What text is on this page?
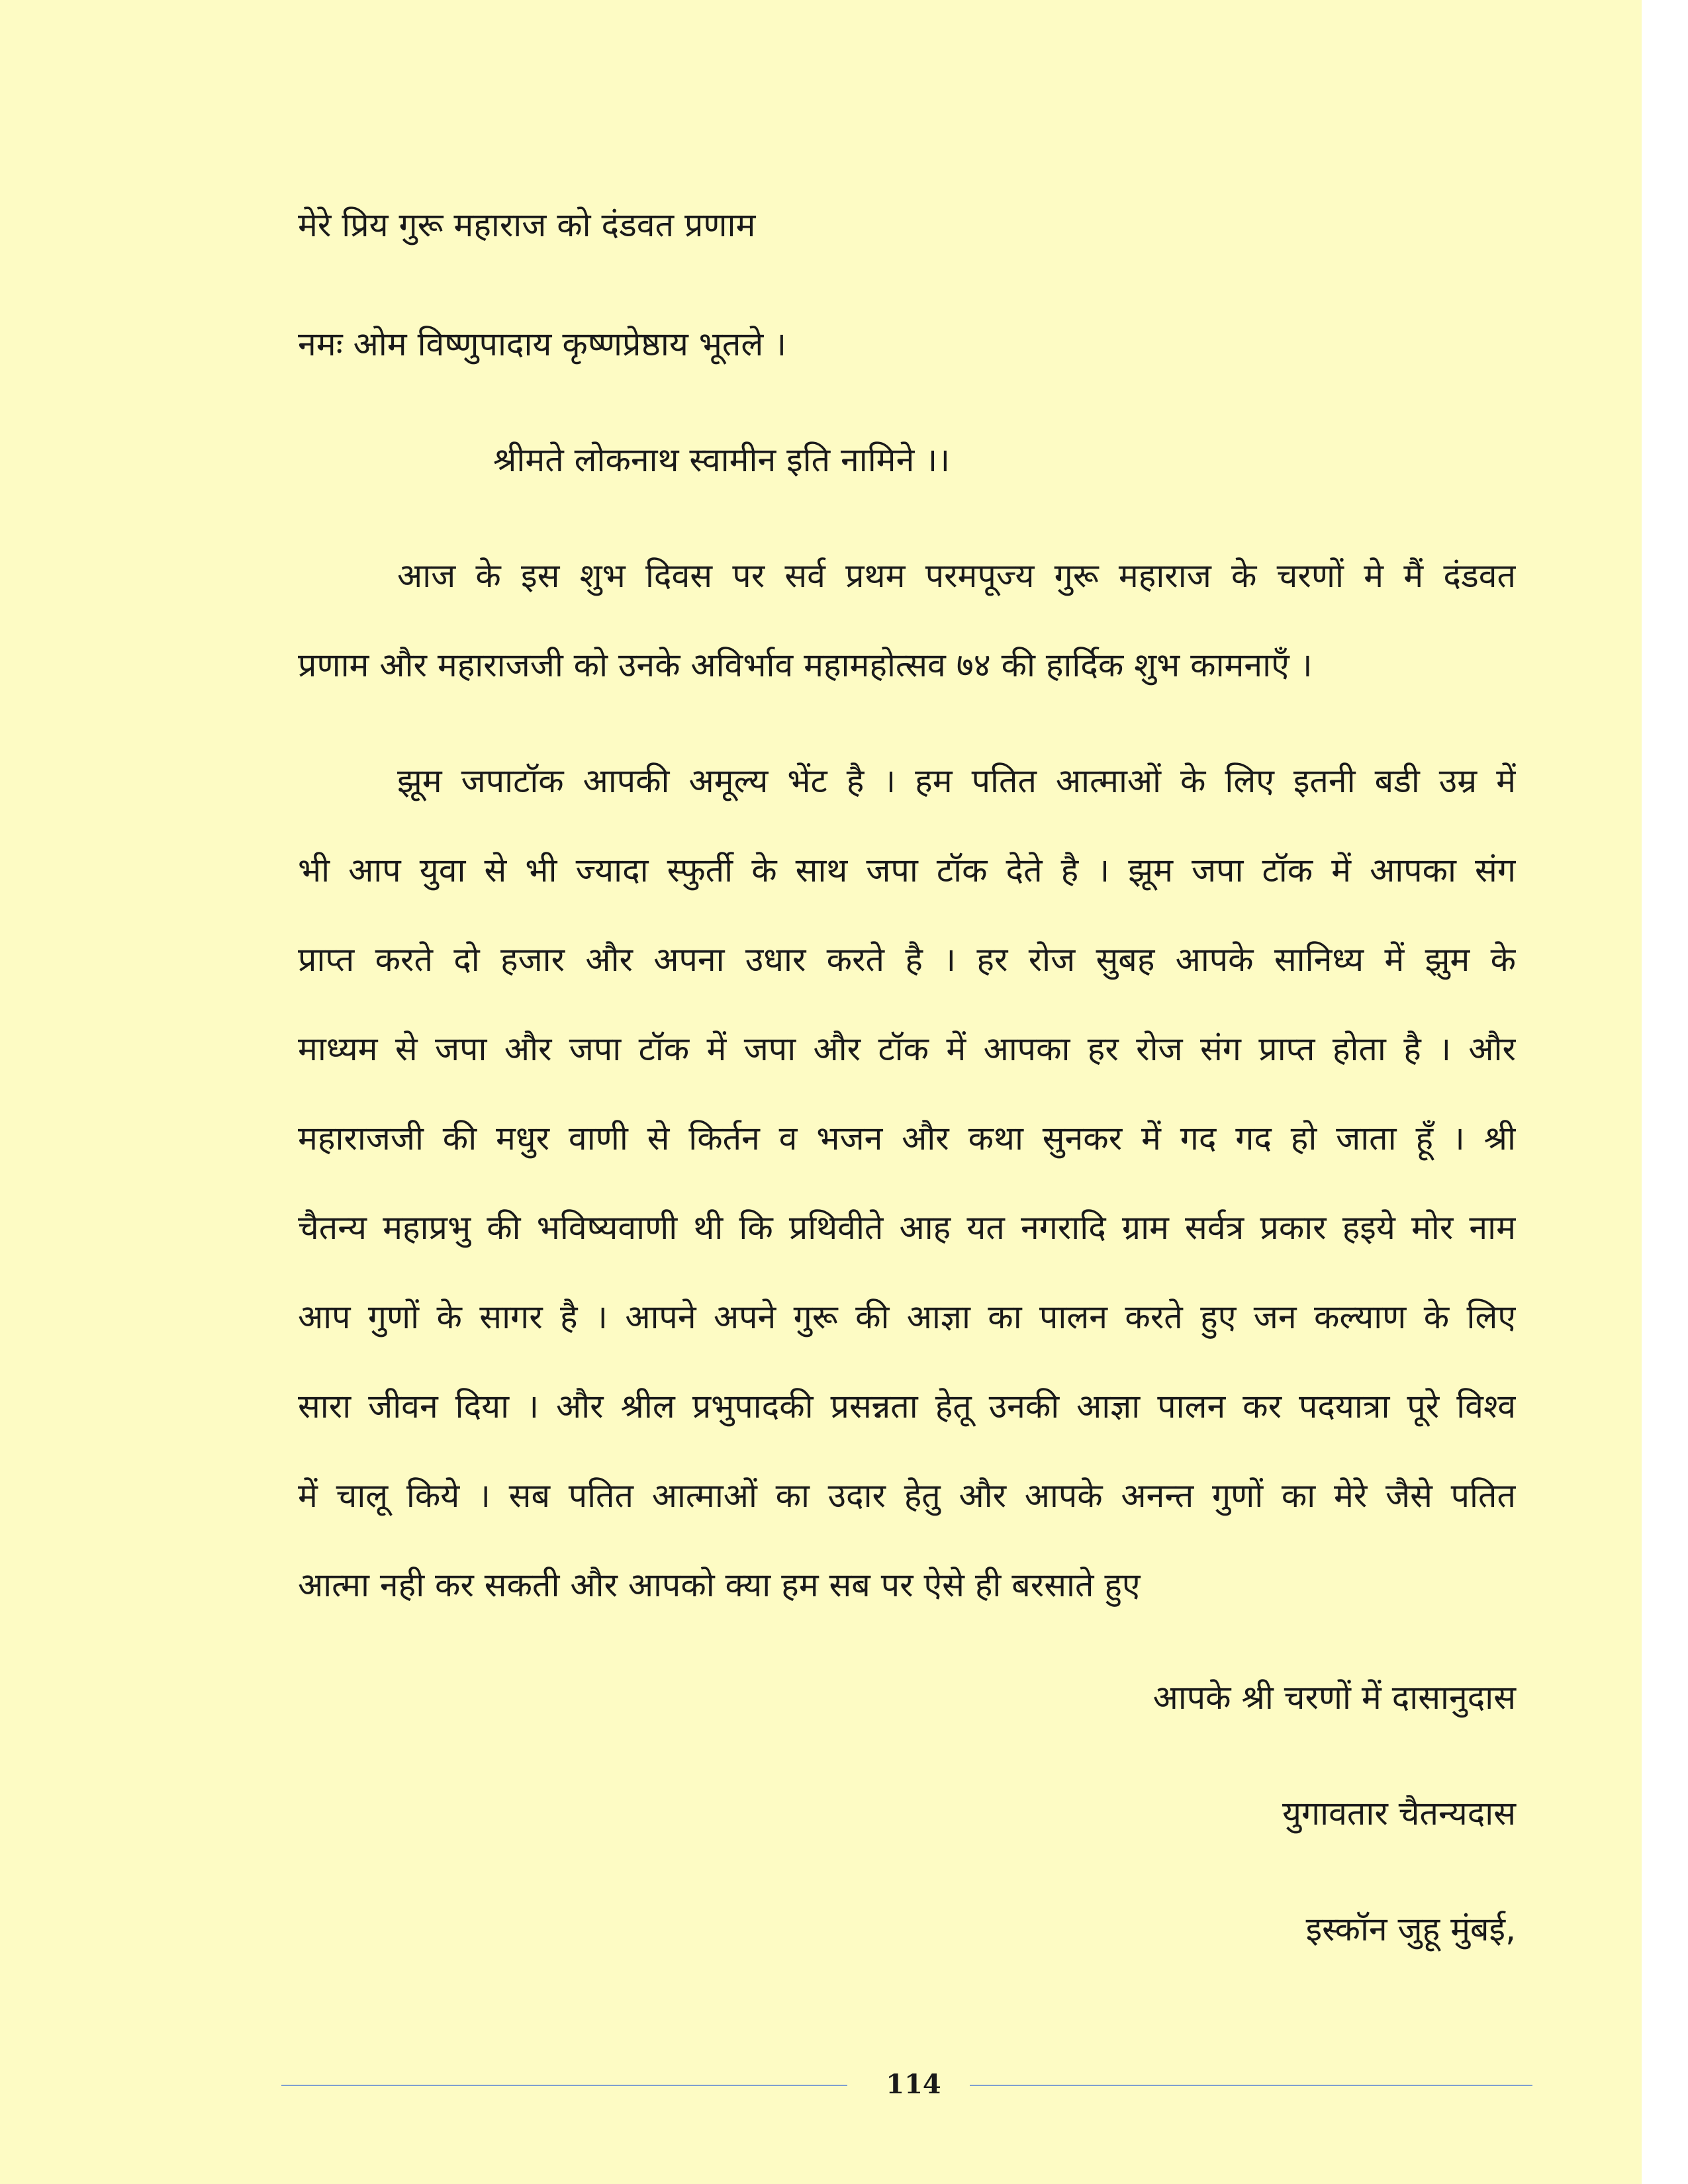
मेरे प्रिय गुरू महाराज को दंडवत प्रणाम
नमः ओम विष्णुपादाय कृष्णप्रेष्ठाय भूतले ।
श्रीमते लोकनाथ स्वामीन इति नामिने ।।
आज के इस शुभ दिवस पर सर्व प्रथम परमपूज्य गुरू महाराज के चरणों मे मैं दंडवत
प्रणाम और महाराजजी को उनके अविर्भाव महामहोत्सव ७४ की हार्दिक शुभ कामनाऍं ।
झूम जपाटॉक आपकी अमूल्य भेंट है । हम पतित आत्माओं के लिए इतनी बडी उम्र में
भी आप युवा से भी ज्यादा स्फुर्ती के साथ जपा टॉक देते है । झूम जपा टॉक में आपका संग
प्राप्त करते दो हजार और अपना उधार करते है । हर रोज सुबह आपके सानिध्य में झुम के
माध्यम से जपा और जपा टॉक में जपा और टॉक में आपका हर रोज संग प्राप्त होता है । और
महाराजजी की मधुर वाणी से किर्तन व भजन और कथा सुनकर में गद गद हो जाता हूॅं । श्री
चैतन्य महाप्रभु की भविष्यवाणी थी कि प्रथिवीते आह यत नगरादि ग्राम सर्वत्र प्रकार हइये मोर नाम
आप गुणों के सागर है । आपने अपने गुरू की आज्ञा का पालन करते हुए जन कल्याण के लिए
सारा जीवन दिया । और श्रील प्रभुपादकी प्रसन्नता हेतू उनकी आज्ञा पालन कर पदयात्रा पूरे विश्‍व
में चालू किये । सब पतित आत्माओं का उदार हेतु और आपके अनन्त गुणों का मेरे जैसे पतित
आत्मा नही कर सकती और आपको क्या हम सब पर ऐसे ही बरसाते हुए
आपके श्री चरणों में दासानुदास
युगावतार चैतन्यदास
इस्कॉन जुहू मुंबई,
114
